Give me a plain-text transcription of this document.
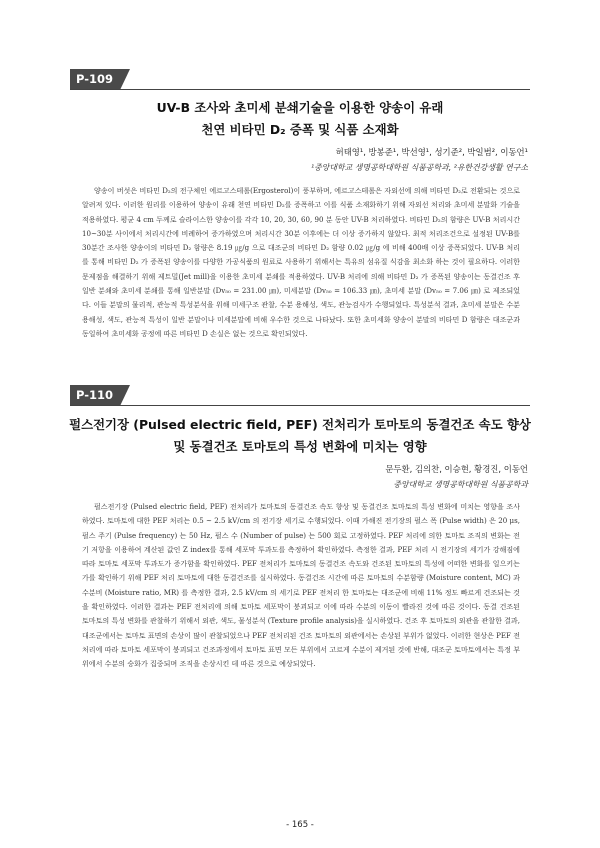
P-109
UV-B 조사와 초미세 분쇄기술을 이용한 양송이 유래
천연 비타민 D₂ 증폭 및 식품 소재화
허태영¹, 방봉준¹, 박선영¹, 성기준², 박일범², 이동언¹
¹중앙대학교 생명공학대학원 식품공학과, ²유한건강생활 연구소
양송이 버섯은 비타민 D₂의 전구체인 에르고스테롤(Ergosterol)이 풍부하며, 에르고스테롤은 자외선에 의해 비타민 D₂로 전환되는 것으로 알려져 있다. 이러한 원리를 이용하여 양송이 유래 천연 비타민 D₂를 증폭하고 이를 식품 소재화하기 위해 자외선 처리와 초미세 분말화 기술을 적용하였다. 평균 4 cm 두께로 슬라이스한 양송이를 각각 10, 20, 30, 60, 90 분 동안 UV-B 처리하였다. 비타민 D₂의 함량은 UV-B 처리시간 10~30분 사이에서 처리시간에 비례하여 증가하였으며 처리시간 30분 이후에는 더 이상 증가하지 않았다. 최적 처리조건으로 설정된 UV-B를 30분간 조사한 양송이의 비타민 D₂ 함량은 8.19 ㎍/g 으로 대조군의 비타민 D₂ 함량 0.02 ㎍/g 에 비해 400배 이상 증폭되었다. UV-B 처리를 통해 비타민 D₂ 가 증폭된 양송이를 다양한 가공식품의 원료로 사용하기 위해서는 특유의 섬유질 식감을 최소화 하는 것이 필요하다. 이러한 문제점을 해결하기 위해 제트밀(Jet mill)을 이용한 초미세 분쇄를 적용하였다. UV-B 처리에 의해 비타민 D₂ 가 증폭된 양송이는 동결건조 후 일반 분쇄와 초미세 분쇄를 통해 일반분말 (Dv₅₀ = 231.00 ㎛), 미세분말 (Dv₅₀ = 106.33 ㎛), 초미세 분말 (Dv₅₀ = 7.06 ㎛) 로 제조되었다. 이들 분말의 물리적, 관능적 특성분석을 위해 미세구조 관찰, 수분 용해성, 색도, 관능검사가 수행되었다. 특성분석 결과, 초미세 분말은 수분 용해성, 색도, 관능적 특성이 일반 분말이나 미세분말에 비해 우수한 것으로 나타났다. 또한 초미세화 양송이 분말의 비타민 D 함량은 대조군과 동일하여 초미세화 공정에 따른 비타민 D 손실은 없는 것으로 확인되었다.
P-110
펄스전기장 (Pulsed electric field, PEF) 전처리가 토마토의 동결건조 속도 향상
및 동결건조 토마토의 특성 변화에 미치는 영향
문두환, 김의찬, 이승현, 황경진, 이동언
중앙대학교 생명공학대학원 식품공학과
펄스전기장 (Pulsed electric field, PEF) 전처리가 토마토의 동결건조 속도 향상 및 동결건조 토마토의 특성 변화에 미치는 영향을 조사하였다. 토마토에 대한 PEF 처리는 0.5 ~ 2.5 kV/cm 의 전기장 세기로 수행되었다. 이때 가해진 전기장의 펄스 폭 (Pulse width) 은 20 μs, 펄스 주기 (Pulse frequency) 는 50 Hz, 펄스 수 (Number of pulse) 는 500 회로 고정하였다. PEF 처리에 의한 토마토 조직의 변화는 전기 저항을 이용하여 계산된 값인 Z index를 통해 세포막 투과도를 측정하여 확인하였다. 측정한 결과, PEF 처리 시 전기장의 세기가 강해짐에 따라 토마토 세포막 투과도가 증가함을 확인하였다. PEF 전처리가 토마토의 동결건조 속도와 건조된 토마토의 특성에 어떠한 변화를 일으키는 가를 확인하기 위해 PEF 처리 토마토에 대한 동결건조를 실시하였다. 동결건조 시간에 따른 토마토의 수분함량 (Moisture content, MC) 과 수분비 (Moisture ratio, MR) 를 측정한 결과, 2.5 kV/cm 의 세기로 PEF 전처리 한 토마토는 대조군에 비해 11% 정도 빠르게 건조되는 것을 확인하였다. 이러한 결과는 PEF 전처리에 의해 토마토 세포막이 붕괴되고 이에 따라 수분의 이동이 빨라진 것에 따른 것이다. 동결 건조된 토마토의 특성 변화를 관찰하기 위해서 외관, 색도, 물성분석 (Texture profile analysis)을 실시하였다. 건조 후 토마토의 외관을 관찰한 결과, 대조군에서는 토마토 표면의 손상이 많이 관찰되었으나 PEF 전처리된 건조 토마토의 외관에서는 손상된 부위가 없었다. 이러한 현상은 PEF 전처리에 따라 토마토 세포막이 붕괴되고 건조과정에서 토마토 표면 모든 부위에서 고르게 수분이 제거된 것에 반해, 대조군 토마토에서는 특정 부위에서 수분의 승화가 집중되며 조직을 손상시킨 데 따른 것으로 예상되었다.
- 165 -
